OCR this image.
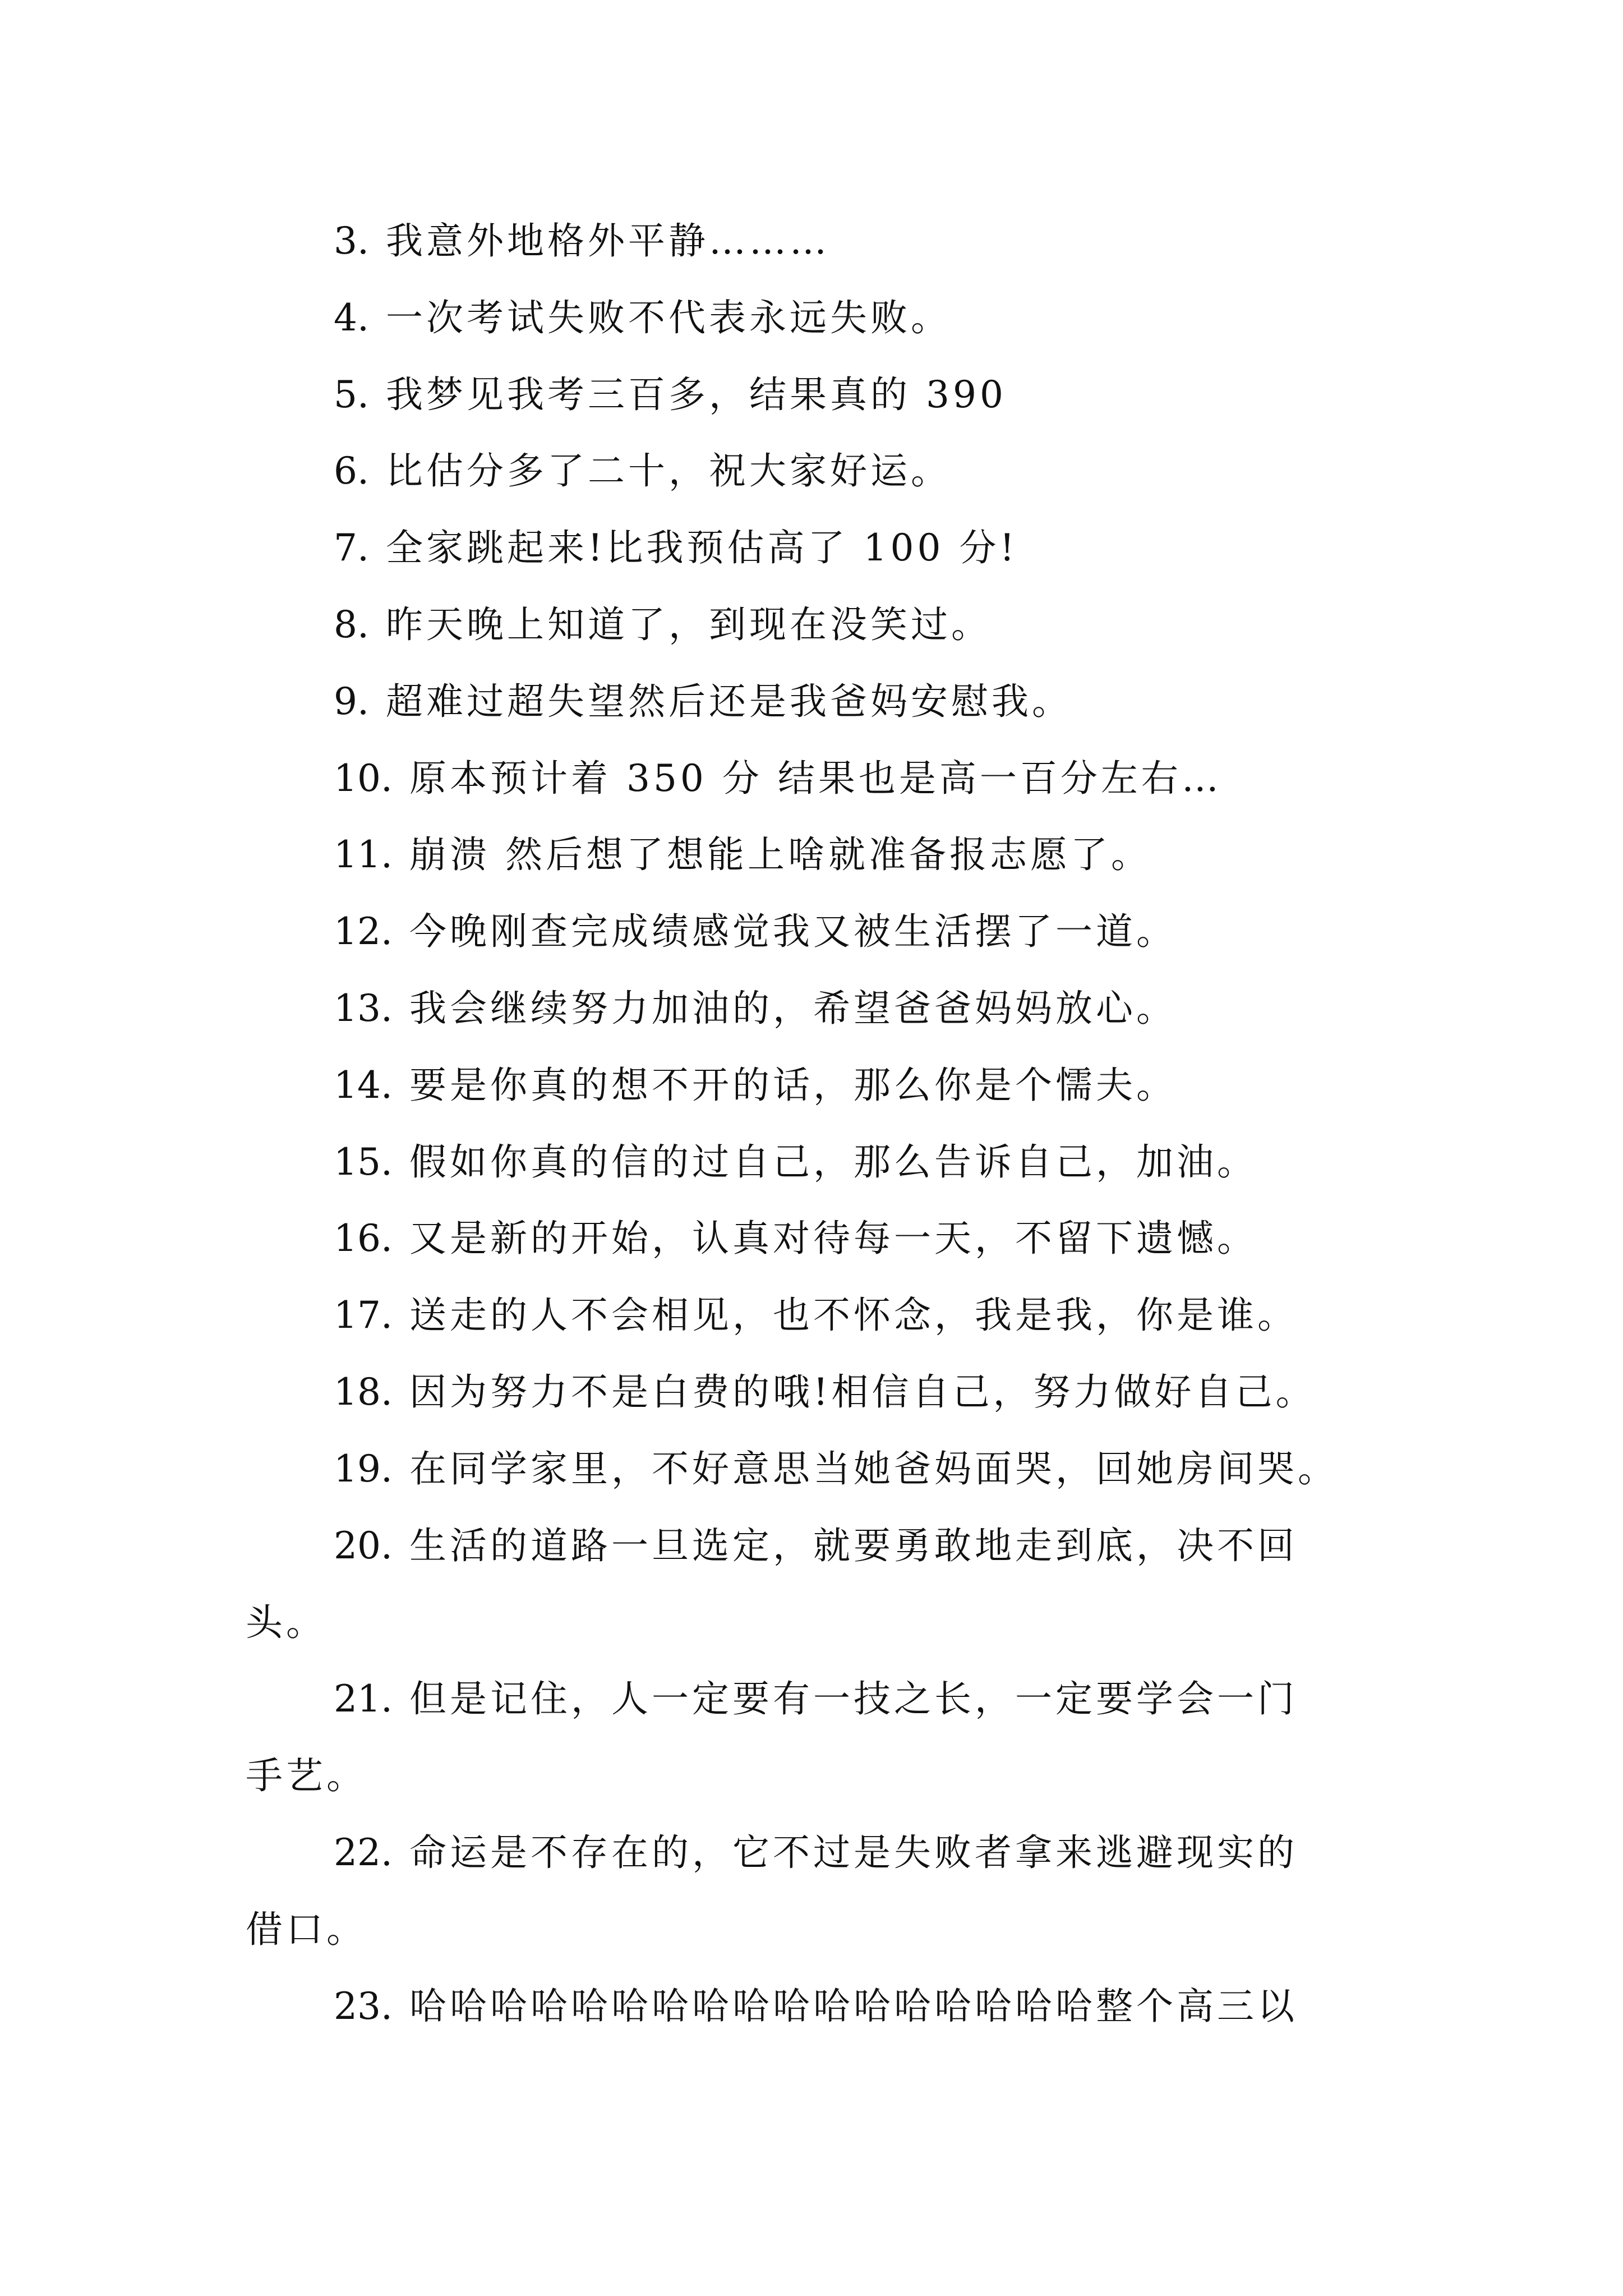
3. 我意外地格外平静………
4. 一次考试失败不代表永远失败。
5. 我梦见我考三百多，结果真的 390
6. 比估分多了二十，祝大家好运。
7. 全家跳起来!比我预估高了 100 分!
8. 昨天晚上知道了，到现在没笑过。
9. 超难过超失望然后还是我爸妈安慰我。
10. 原本预计着 350 分 结果也是高一百分左右…
11. 崩溃 然后想了想能上啥就准备报志愿了。
12. 今晚刚查完成绩感觉我又被生活摆了一道。
13. 我会继续努力加油的，希望爸爸妈妈放心。
14. 要是你真的想不开的话，那么你是个懦夫。
15. 假如你真的信的过自己，那么告诉自己，加油。
16. 又是新的开始，认真对待每一天，不留下遗憾。
17. 送走的人不会相见，也不怀念，我是我，你是谁。
18. 因为努力不是白费的哦!相信自己，努力做好自己。
19. 在同学家里，不好意思当她爸妈面哭，回她房间哭。
20. 生活的道路一旦选定，就要勇敢地走到底，决不回
头。
21. 但是记住，人一定要有一技之长，一定要学会一门
手艺。
22. 命运是不存在的，它不过是失败者拿来逃避现实的
借口。
23. 哈哈哈哈哈哈哈哈哈哈哈哈哈哈哈哈哈整个高三以
